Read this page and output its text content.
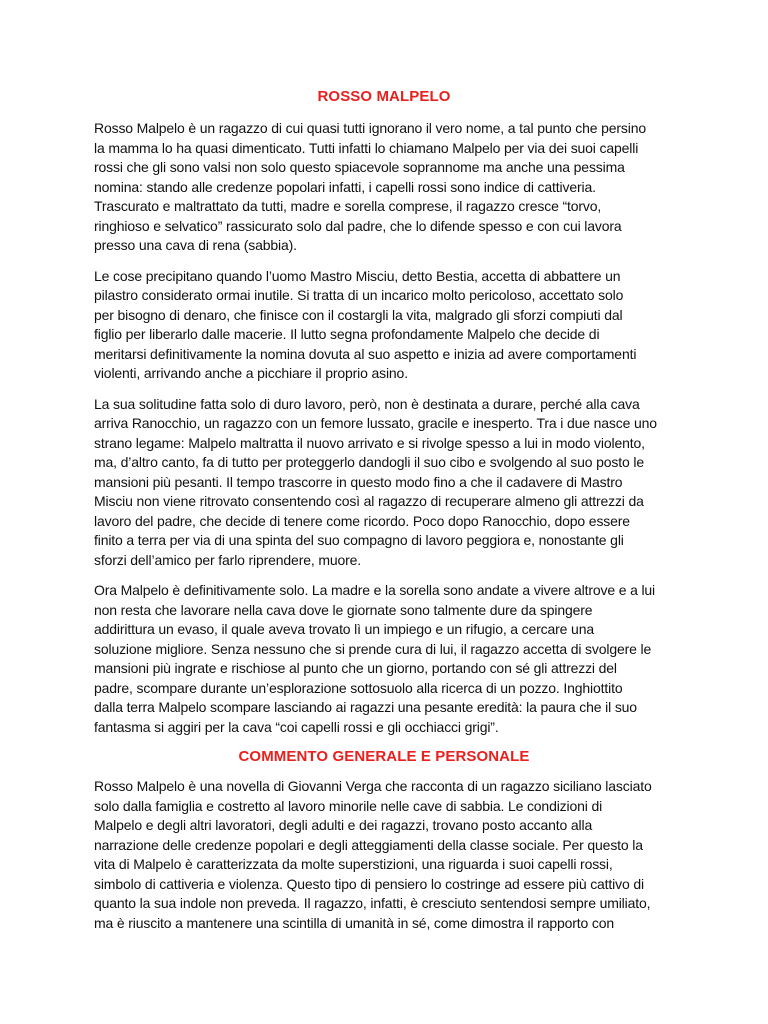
ROSSO MALPELO

Rosso Malpelo è un ragazzo di cui quasi tutti ignorano il vero nome, a tal punto che persino
la mamma lo ha quasi dimenticato. Tutti infatti lo chiamano Malpelo per via dei suoi capelli
rossi che gli sono valsi non solo questo spiacevole soprannome ma anche una pessima
nomina: stando alle credenze popolari infatti, i capelli rossi sono indice di cattiveria.
Trascurato e maltrattato da tutti, madre e sorella comprese, il ragazzo cresce “torvo,
ringhioso e selvatico” rassicurato solo dal padre, che lo difende spesso e con cui lavora
presso una cava di rena (sabbia).

Le cose precipitano quando l’uomo Mastro Misciu, detto Bestia, accetta di abbattere un
pilastro considerato ormai inutile. Si tratta di un incarico molto pericoloso, accettato solo
per bisogno di denaro, che finisce con il costargli la vita, malgrado gli sforzi compiuti dal
figlio per liberarlo dalle macerie. Il lutto segna profondamente Malpelo che decide di
meritarsi definitivamente la nomina dovuta al suo aspetto e inizia ad avere comportamenti
violenti, arrivando anche a picchiare il proprio asino.

La sua solitudine fatta solo di duro lavoro, però, non è destinata a durare, perché alla cava
arriva Ranocchio, un ragazzo con un femore lussato, gracile e inesperto. Tra i due nasce uno
strano legame: Malpelo maltratta il nuovo arrivato e si rivolge spesso a lui in modo violento,
ma, d’altro canto, fa di tutto per proteggerlo dandogli il suo cibo e svolgendo al suo posto le
mansioni più pesanti. Il tempo trascorre in questo modo fino a che il cadavere di Mastro
Misciu non viene ritrovato consentendo così al ragazzo di recuperare almeno gli attrezzi da
lavoro del padre, che decide di tenere come ricordo. Poco dopo Ranocchio, dopo essere
finito a terra per via di una spinta del suo compagno di lavoro peggiora e, nonostante gli
sforzi dell’amico per farlo riprendere, muore.

Ora Malpelo è definitivamente solo. La madre e la sorella sono andate a vivere altrove e a lui
non resta che lavorare nella cava dove le giornate sono talmente dure da spingere
addirittura un evaso, il quale aveva trovato lì un impiego e un rifugio, a cercare una
soluzione migliore. Senza nessuno che si prende cura di lui, il ragazzo accetta di svolgere le
mansioni più ingrate e rischiose al punto che un giorno, portando con sé gli attrezzi del
padre, scompare durante un’esplorazione sottosuolo alla ricerca di un pozzo. Inghiottito
dalla terra Malpelo scompare lasciando ai ragazzi una pesante eredità: la paura che il suo
fantasma si aggiri per la cava “coi capelli rossi e gli occhiacci grigi”.

COMMENTO GENERALE E PERSONALE

Rosso Malpelo è una novella di Giovanni Verga che racconta di un ragazzo siciliano lasciato
solo dalla famiglia e costretto al lavoro minorile nelle cave di sabbia. Le condizioni di
Malpelo e degli altri lavoratori, degli adulti e dei ragazzi, trovano posto accanto alla
narrazione delle credenze popolari e degli atteggiamenti della classe sociale. Per questo la
vita di Malpelo è caratterizzata da molte superstizioni, una riguarda i suoi capelli rossi,
simbolo di cattiveria e violenza. Questo tipo di pensiero lo costringe ad essere più cattivo di
quanto la sua indole non preveda. Il ragazzo, infatti, è cresciuto sentendosi sempre umiliato,
ma è riuscito a mantenere una scintilla di umanità in sé, come dimostra il rapporto con
